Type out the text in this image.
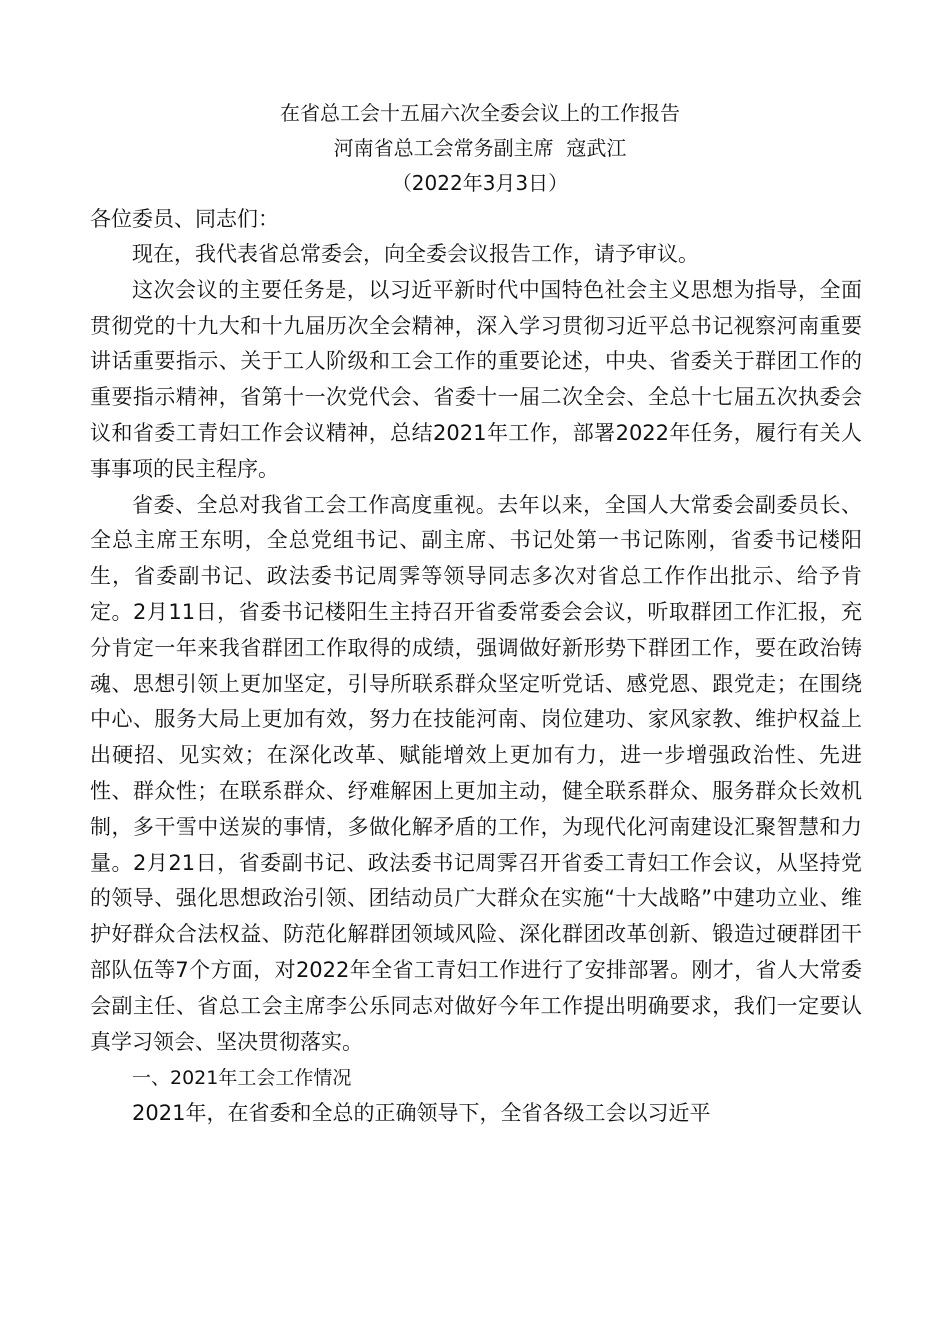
在省总工会十五届六次全委会议上的工作报告

河南省总工会常务副主席  寇武江

（2022年3月3日）

各位委员、同志们：

现在，我代表省总常委会，向全委会议报告工作，请予审议。

这次会议的主要任务是，以习近平新时代中国特色社会主义思想为指导，全面贯彻党的十九大和十九届历次全会精神，深入学习贯彻习近平总书记视察河南重要讲话重要指示、关于工人阶级和工会工作的重要论述，中央、省委关于群团工作的重要指示精神，省第十一次党代会、省委十一届二次全会、全总十七届五次执委会议和省委工青妇工作会议精神，总结2021年工作，部署2022年任务，履行有关人事事项的民主程序。

省委、全总对我省工会工作高度重视。去年以来，全国人大常委会副委员长、全总主席王东明，全总党组书记、副主席、书记处第一书记陈刚，省委书记楼阳生，省委副书记、政法委书记周霁等领导同志多次对省总工作作出批示、给予肯定。2月11日，省委书记楼阳生主持召开省委常委会会议，听取群团工作汇报，充分肯定一年来我省群团工作取得的成绩，强调做好新形势下群团工作，要在政治铸魂、思想引领上更加坚定，引导所联系群众坚定听党话、感党恩、跟党走；在围绕中心、服务大局上更加有效，努力在技能河南、岗位建功、家风家教、维护权益上出硬招、见实效；在深化改革、赋能增效上更加有力，进一步增强政治性、先进性、群众性；在联系群众、纾难解困上更加主动，健全联系群众、服务群众长效机制，多干雪中送炭的事情，多做化解矛盾的工作，为现代化河南建设汇聚智慧和力量。2月21日，省委副书记、政法委书记周霁召开省委工青妇工作会议，从坚持党的领导、强化思想政治引领、团结动员广大群众在实施“十大战略”中建功立业、维护好群众合法权益、防范化解群团领域风险、深化群团改革创新、锻造过硬群团干部队伍等7个方面，对2022年全省工青妇工作进行了安排部署。刚才，省人大常委会副主任、省总工会主席李公乐同志对做好今年工作提出明确要求，我们一定要认真学习领会、坚决贯彻落实。

一、2021年工会工作情况

2021年，在省委和全总的正确领导下，全省各级工会以习近平
